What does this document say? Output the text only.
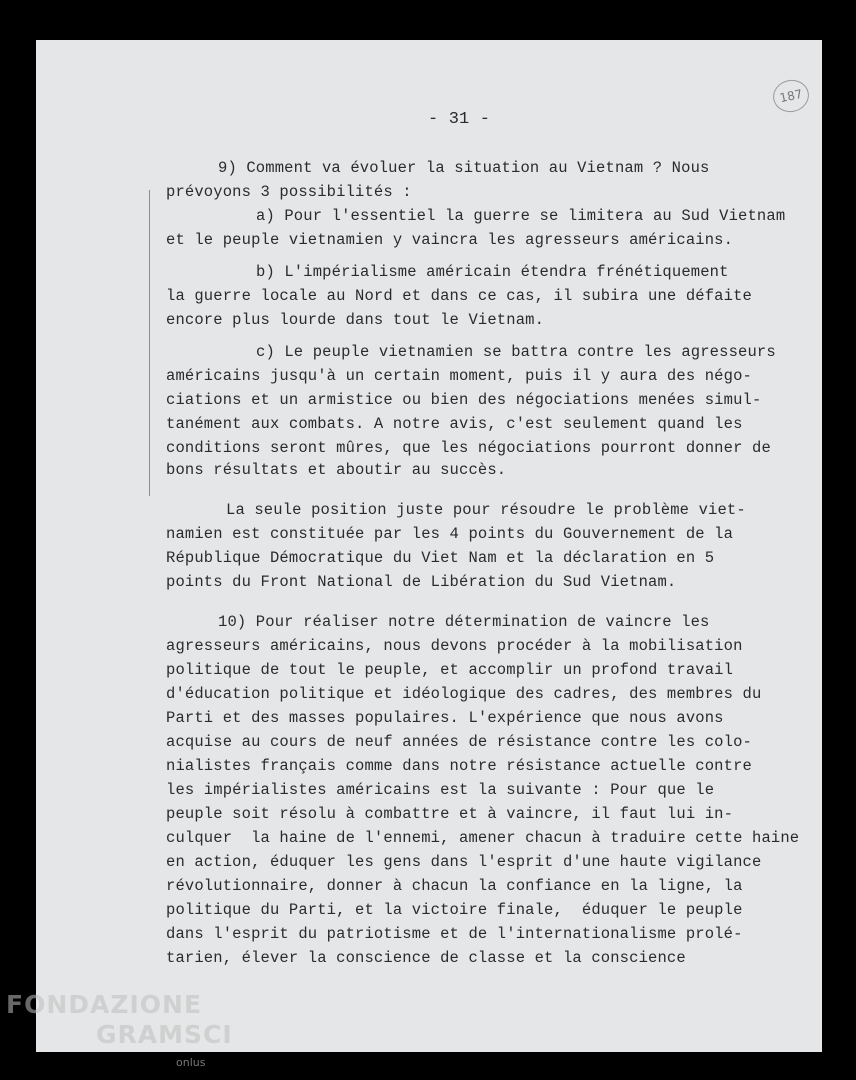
187
- 31 -
9) Comment va évoluer la situation au Vietnam ? Nous
prévoyons 3 possibilités :
a) Pour l'essentiel la guerre se limitera au Sud Vietnam
et le peuple vietnamien y vaincra les agresseurs américains.
b) L'impérialisme américain étendra frénétiquement
la guerre locale au Nord et dans ce cas, il subira une défaite
encore plus lourde dans tout le Vietnam.
c) Le peuple vietnamien se battra contre les agresseurs
américains jusqu'à un certain moment, puis il y aura des négo-
ciations et un armistice ou bien des négociations menées simul-
tanément aux combats. A notre avis, c'est seulement quand les
conditions seront mûres, que les négociations pourront donner de
bons résultats et aboutir au succès.
La seule position juste pour résoudre le problème viet-
namien est constituée par les 4 points du Gouvernement de la
République Démocratique du Viet Nam et la déclaration en 5
points du Front National de Libération du Sud Vietnam.
10) Pour réaliser notre détermination de vaincre les
agresseurs américains, nous devons procéder à la mobilisation
politique de tout le peuple, et accomplir un profond travail
d'éducation politique et idéologique des cadres, des membres du
Parti et des masses populaires. L'expérience que nous avons
acquise au cours de neuf années de résistance contre les colo-
nialistes français comme dans notre résistance actuelle contre
les impérialistes américains est la suivante : Pour que le
peuple soit résolu à combattre et à vaincre, il faut lui in-
culquer  la haine de l'ennemi, amener chacun à traduire cette haine
en action, éduquer les gens dans l'esprit d'une haute vigilance
révolutionnaire, donner à chacun la confiance en la ligne, la
politique du Parti, et la victoire finale,  éduquer le peuple
dans l'esprit du patriotisme et de l'internationalisme prolé-
tarien, élever la conscience de classe et la conscience
FONDAZIONE
GRAMSCI
onlus
